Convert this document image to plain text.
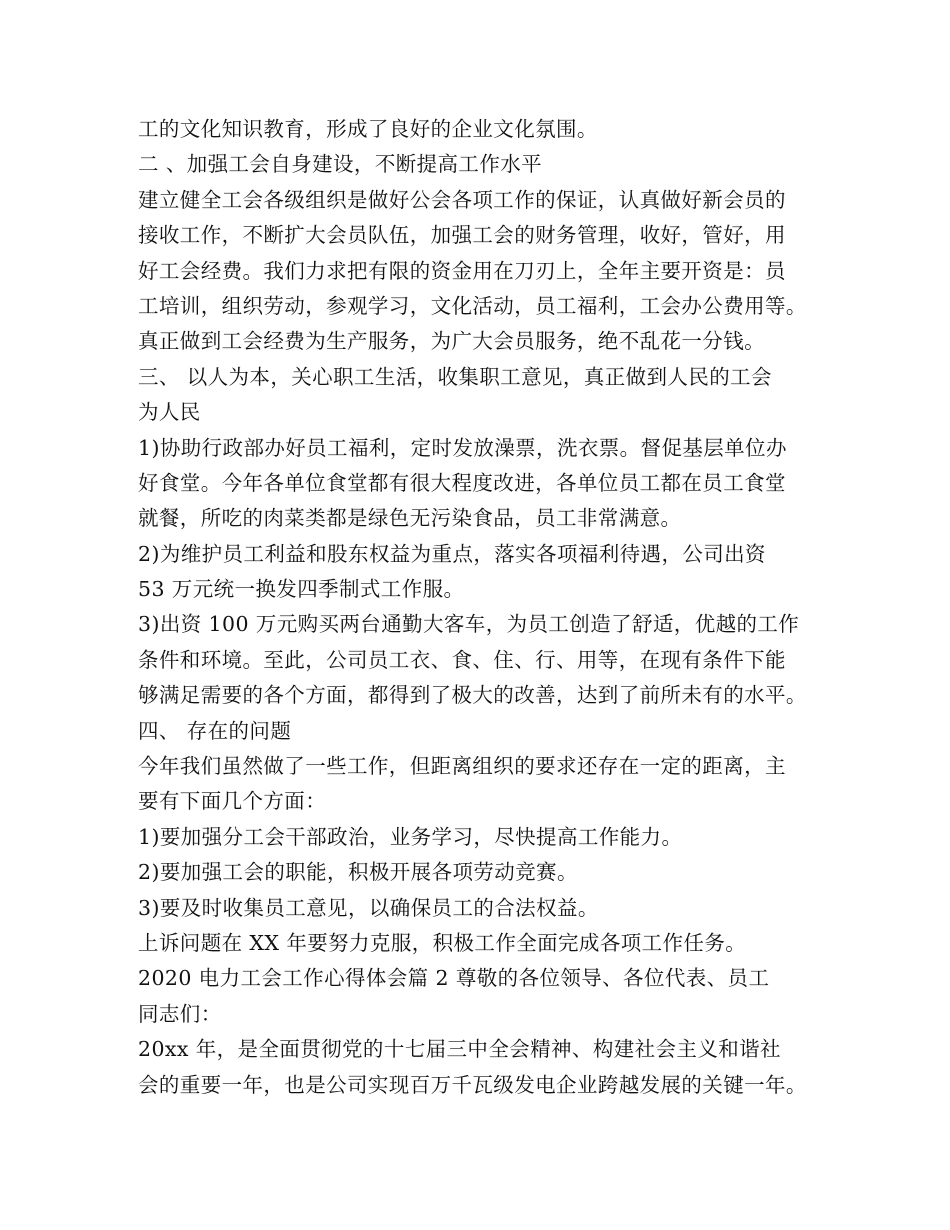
工的文化知识教育，形成了良好的企业文化氛围。
二 、加强工会自身建设，不断提高工作水平
建立健全工会各级组织是做好公会各项工作的保证，认真做好新会员的
接收工作，不断扩大会员队伍，加强工会的财务管理，收好，管好，用
好工会经费。我们力求把有限的资金用在刀刃上，全年主要开资是：员
工培训，组织劳动，参观学习，文化活动，员工福利，工会办公费用等。
真正做到工会经费为生产服务，为广大会员服务，绝不乱花一分钱。
三、 以人为本，关心职工生活，收集职工意见，真正做到人民的工会
为人民
1)协助行政部办好员工福利，定时发放澡票，洗衣票。督促基层单位办
好食堂。今年各单位食堂都有很大程度改进，各单位员工都在员工食堂
就餐，所吃的肉菜类都是绿色无污染食品，员工非常满意。
2)为维护员工利益和股东权益为重点，落实各项福利待遇，公司出资
53 万元统一换发四季制式工作服。
3)出资 100 万元购买两台通勤大客车，为员工创造了舒适，优越的工作
条件和环境。至此，公司员工衣、食、住、行、用等，在现有条件下能
够满足需要的各个方面，都得到了极大的改善，达到了前所未有的水平。
四、 存在的问题
今年我们虽然做了一些工作，但距离组织的要求还存在一定的距离，主
要有下面几个方面：
1)要加强分工会干部政治，业务学习，尽快提高工作能力。
2)要加强工会的职能，积极开展各项劳动竞赛。
3)要及时收集员工意见，以确保员工的合法权益。
上诉问题在 XX 年要努力克服，积极工作全面完成各项工作任务。
2020 电力工会工作心得体会篇 2 尊敬的各位领导、各位代表、员工
同志们：
20xx 年，是全面贯彻党的十七届三中全会精神、构建社会主义和谐社
会的重要一年，也是公司实现百万千瓦级发电企业跨越发展的关键一年。
